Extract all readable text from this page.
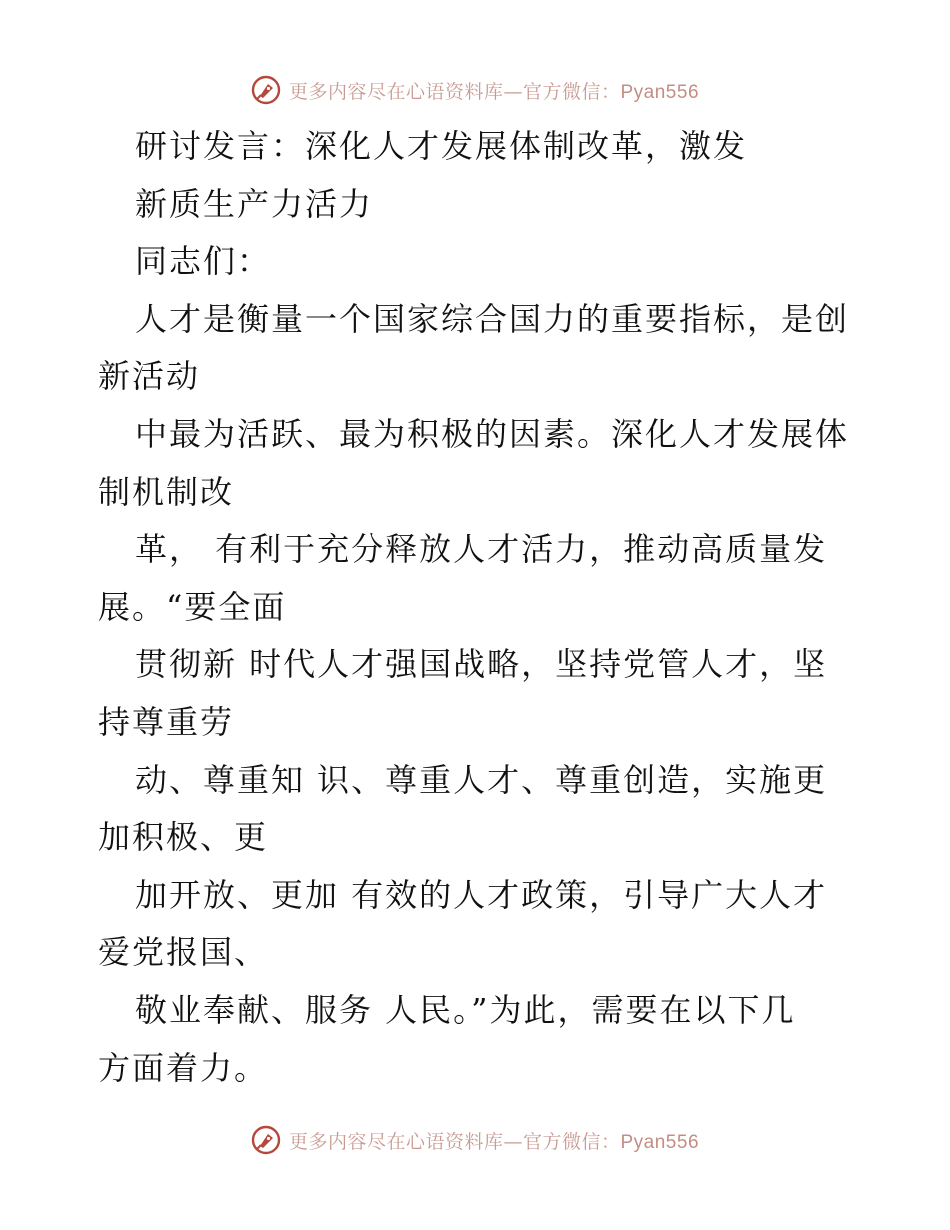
更多内容尽在心语资料库—官方微信：Pyan556
研讨发言：深化人才发展体制改革，激发
新质生产力活力
同志们：
人才是衡量一个国家综合国力的重要指标，是创
新活动
中最为活跃、最为积极的因素。深化人才发展体
制机制改
革， 有利于充分释放人才活力，推动高质量发
展。“要全面
贯彻新 时代人才强国战略，坚持党管人才，坚
持尊重劳
动、尊重知 识、尊重人才、尊重创造，实施更
加积极、更
加开放、更加 有效的人才政策，引导广大人才
爱党报国、
敬业奉献、服务 人民。”为此，需要在以下几
方面着力。
更多内容尽在心语资料库—官方微信：Pyan556
